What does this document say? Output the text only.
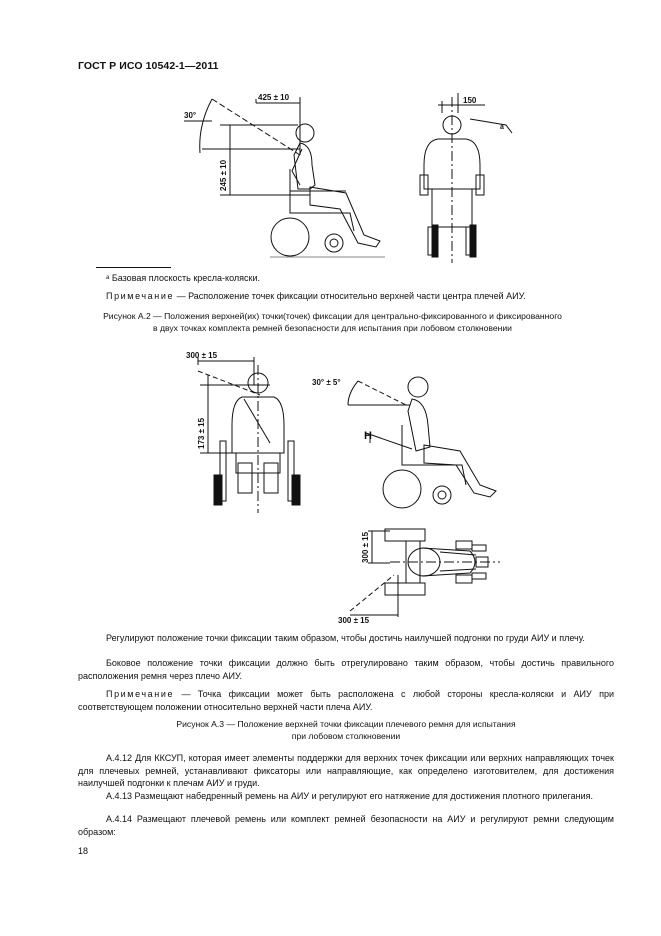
ГОСТ Р ИСО 10542-1—2011
30°
425 ± 10
245 ± 10
150
a
ᵃ Базовая плоскость кресла-коляски.
Примечание — Расположение точек фиксации относительно верхней части центра плечей АИУ.
Рисунок А.2 — Положения верхней(их) точки(точек) фиксации для центрально-фиксированного и фиксированного
в двух точках комплекта ремней безопасности для испытания при лобовом столкновении
173 ± 15
300 ± 15
30° ± 5°
H
300 ± 15
300 ± 15
Регулируют положение точки фиксации таким образом, чтобы достичь наилучшей подгонки по груди АИУ и плечу.
Боковое положение точки фиксации должно быть отрегулировано таким образом, чтобы достичь правильного расположения ремня через плечо АИУ.
Примечание — Точка фиксации может быть расположена с любой стороны кресла-коляски и АИУ при соответствующем положении относительно верхней части плеча АИУ.
Рисунок А.3 — Положение верхней точки фиксации плечевого ремня для испытания
при лобовом столкновении
А.4.12 Для ККСУП, которая имеет элементы поддержки для верхних точек фиксации или верхних направляющих точек для плечевых ремней, устанавливают фиксаторы или направляющие, как определено изготовителем, для достижения наилучшей подгонки к плечам АИУ и груди.
А.4.13 Размещают набедренный ремень на АИУ и регулируют его натяжение для достижения плотного прилегания.
А.4.14 Размещают плечевой ремень или комплект ремней безопасности на АИУ и регулируют ремни следующим образом:
18
